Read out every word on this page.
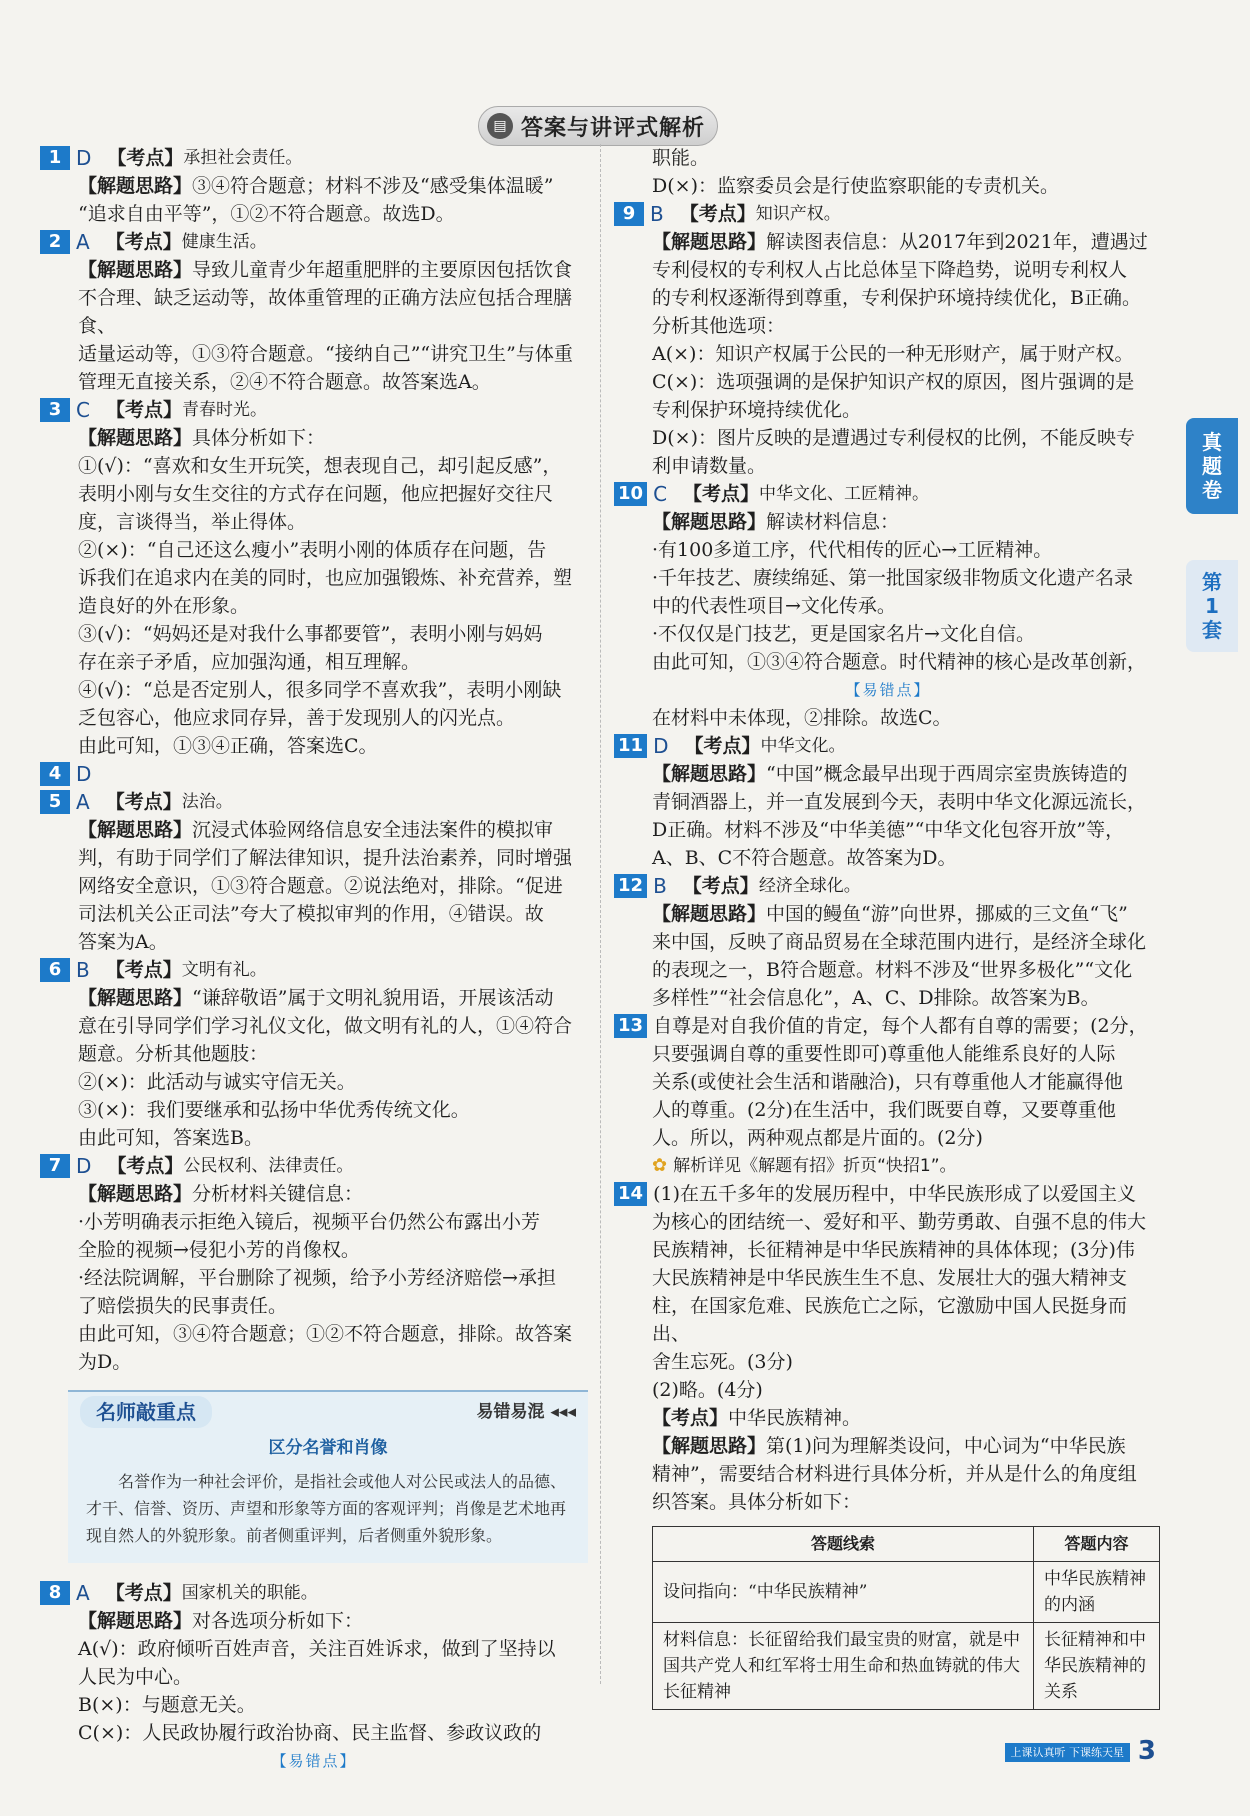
▤ 答案与讲评式解析
1 D 【考点】 承担社会责任。
【解题思路】③④符合题意；材料不涉及“感受集体温暖”
“追求自由平等”，①②不符合题意。故选D。
2 A 【考点】 健康生活。
【解题思路】导致儿童青少年超重肥胖的主要原因包括饮食
不合理、缺乏运动等，故体重管理的正确方法应包括合理膳食、
适量运动等，①③符合题意。“接纳自己”“讲究卫生”与体重
管理无直接关系，②④不符合题意。故答案选A。
3 C 【考点】 青春时光。
【解题思路】具体分析如下：
①(√)：“喜欢和女生开玩笑，想表现自己，却引起反感”，
表明小刚与女生交往的方式存在问题，他应把握好交往尺
度，言谈得当，举止得体。
②(×)：“自己还这么瘦小”表明小刚的体质存在问题，告
诉我们在追求内在美的同时，也应加强锻炼、补充营养，塑
造良好的外在形象。
③(√)：“妈妈还是对我什么事都要管”，表明小刚与妈妈
存在亲子矛盾，应加强沟通，相互理解。
④(√)：“总是否定别人，很多同学不喜欢我”，表明小刚缺
乏包容心，他应求同存异，善于发现别人的闪光点。
由此可知，①③④正确，答案选C。
4 D
5 A 【考点】 法治。
【解题思路】沉浸式体验网络信息安全违法案件的模拟审
判，有助于同学们了解法律知识，提升法治素养，同时增强
网络安全意识，①③符合题意。②说法绝对，排除。“促进
司法机关公正司法”夸大了模拟审判的作用，④错误。故
答案为A。
6 B 【考点】 文明有礼。
【解题思路】“谦辞敬语”属于文明礼貌用语，开展该活动
意在引导同学们学习礼仪文化，做文明有礼的人，①④符合
题意。分析其他题肢：
②(×)：此活动与诚实守信无关。
③(×)：我们要继承和弘扬中华优秀传统文化。
由此可知，答案选B。
7 D 【考点】 公民权利、法律责任。
【解题思路】分析材料关键信息：
·小芳明确表示拒绝入镜后，视频平台仍然公布露出小芳
全脸的视频→侵犯小芳的肖像权。
·经法院调解，平台删除了视频，给予小芳经济赔偿→承担
了赔偿损失的民事责任。
由此可知，③④符合题意；①②不符合题意，排除。故答案为D。
名师敲重点	易错易混 ◂◂◂
区分名誉和肖像
名誉作为一种社会评价，是指社会或他人对公民或法人的品德、才干、信誉、资历、声望和形象等方面的客观评判；肖像是艺术地再现自然人的外貌形象。前者侧重评判，后者侧重外貌形象。
8 A 【考点】 国家机关的职能。
【解题思路】对各选项分析如下：
A(√)：政府倾听百姓声音，关注百姓诉求，做到了坚持以
人民为中心。
B(×)：与题意无关。
C(×)：人民政协履行政治协商、民主监督、参政议政的
【易错点】
职能。
D(×)：监察委员会是行使监察职能的专责机关。
9 B 【考点】 知识产权。
【解题思路】解读图表信息：从2017年到2021年，遭遇过
专利侵权的专利权人占比总体呈下降趋势，说明专利权人
的专利权逐渐得到尊重，专利保护环境持续优化，B正确。
分析其他选项：
A(×)：知识产权属于公民的一种无形财产，属于财产权。
C(×)：选项强调的是保护知识产权的原因，图片强调的是
专利保护环境持续优化。
D(×)：图片反映的是遭遇过专利侵权的比例，不能反映专
利申请数量。
10 C 【考点】 中华文化、工匠精神。
【解题思路】解读材料信息：
·有100多道工序，代代相传的匠心→工匠精神。
·千年技艺、赓续绵延、第一批国家级非物质文化遗产名录
中的代表性项目→文化传承。
·不仅仅是门技艺，更是国家名片→文化自信。
由此可知，①③④符合题意。时代精神的核心是改革创新，
【易错点】
在材料中未体现，②排除。故选C。
11 D 【考点】 中华文化。
【解题思路】“中国”概念最早出现于西周宗室贵族铸造的
青铜酒器上，并一直发展到今天，表明中华文化源远流长，
D正确。材料不涉及“中华美德”“中华文化包容开放”等，
A、B、C不符合题意。故答案为D。
12 B 【考点】 经济全球化。
【解题思路】中国的鳗鱼“游”向世界，挪威的三文鱼“飞”
来中国，反映了商品贸易在全球范围内进行，是经济全球化
的表现之一，B符合题意。材料不涉及“世界多极化”“文化
多样性”“社会信息化”，A、C、D排除。故答案为B。
13 自尊是对自我价值的肯定，每个人都有自尊的需要；(2分，
只要强调自尊的重要性即可)尊重他人能维系良好的人际
关系(或使社会生活和谐融洽)，只有尊重他人才能赢得他
人的尊重。(2分)在生活中，我们既要自尊，又要尊重他
人。所以，两种观点都是片面的。(2分)
✿ 解析详见《解题有招》折页“快招1”。
14 (1)在五千多年的发展历程中，中华民族形成了以爱国主义
为核心的团结统一、爱好和平、勤劳勇敢、自强不息的伟大
民族精神，长征精神是中华民族精神的具体体现；(3分)伟
大民族精神是中华民族生生不息、发展壮大的强大精神支
柱，在国家危难、民族危亡之际，它激励中国人民挺身而出、
舍生忘死。(3分)
(2)略。(4分)
【考点】中华民族精神。
【解题思路】第(1)问为理解类设问，中心词为“中华民族
精神”，需要结合材料进行具体分析，并从是什么的角度组
织答案。具体分析如下：
答题线索	答题内容
设问指向：“中华民族精神”	中华民族精神的内涵
材料信息：长征留给我们最宝贵的财富，就是中国共产党人和红军将士用生命和热血铸就的伟大长征精神	长征精神和中华民族精神的关系
真
题
卷
第
1
套
上课认真听 下课练天星 3
